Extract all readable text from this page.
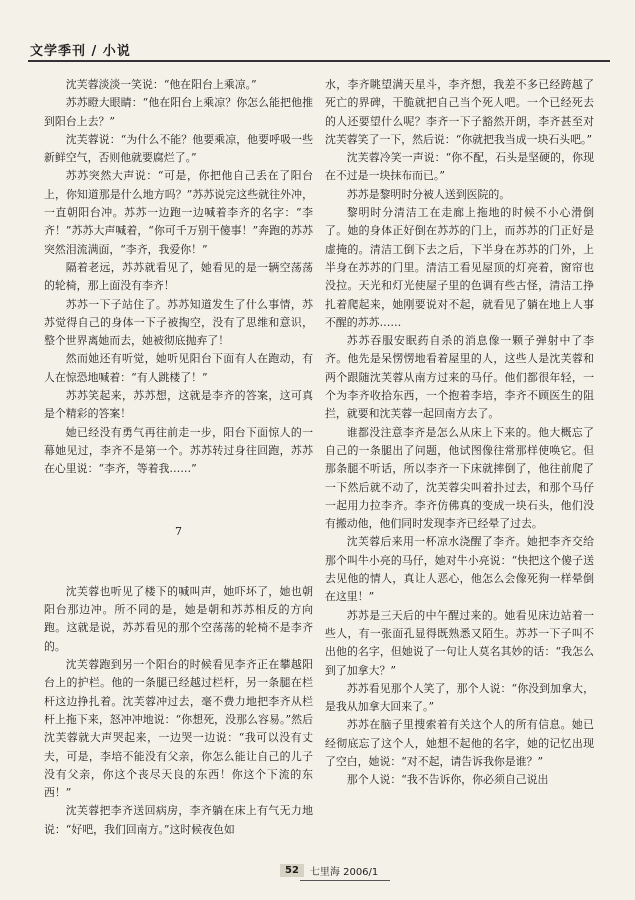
文学季刊 / 小说

沈芙蓉淡淡一笑说：“他在阳台上乘凉。”

苏苏瞪大眼睛：“他在阳台上乘凉？你怎么能把他推到阳台上去？”

沈芙蓉说：“为什么不能？他要乘凉，他要呼吸一些新鲜空气，否则他就要腐烂了。”

苏苏突然大声说：“可是，你把他自己丢在了阳台上，你知道那是什么地方吗？”苏苏说完这些就往外冲，一直朝阳台冲。苏苏一边跑一边喊着李齐的名字：“李齐！”苏苏大声喊着，“你可千万别干傻事！”奔跑的苏苏突然泪流满面，“李齐，我爱你！”

隔着老远，苏苏就看见了，她看见的是一辆空荡荡的轮椅，那上面没有李齐！

苏苏一下子站住了。苏苏知道发生了什么事情，苏苏觉得自己的身体一下子被掏空，没有了思维和意识，整个世界离她而去，她被彻底抛弃了！

然而她还有听觉，她听见阳台下面有人在跑动，有人在惊恐地喊着：“有人跳楼了！”

苏苏笑起来，苏苏想，这就是李齐的答案，这可真是个精彩的答案！

她已经没有勇气再往前走一步，阳台下面惊人的一幕她见过，李齐不是第一个。苏苏转过身往回跑，苏苏在心里说：“李齐，等着我……”

7

沈芙蓉也听见了楼下的喊叫声，她吓坏了，她也朝阳台那边冲。所不同的是，她是朝和苏苏相反的方向跑。这就是说，苏苏看见的那个空荡荡的轮椅不是李齐的。

沈芙蓉跑到另一个阳台的时候看见李齐正在攀越阳台上的护栏。他的一条腿已经越过栏杆，另一条腿在栏杆这边挣扎着。沈芙蓉冲过去，毫不费力地把李齐从栏杆上拖下来，怒冲冲地说：“你想死，没那么容易。”然后沈芙蓉就大声哭起来，一边哭一边说：“我可以没有丈夫，可是，李培不能没有父亲，你怎么能让自己的儿子没有父亲，你这个丧尽天良的东西！你这个下流的东西！”

沈芙蓉把李齐送回病房，李齐躺在床上有气无力地说：“好吧，我们回南方。”这时候夜色如

水，李齐眺望满天星斗，李齐想，我差不多已经跨越了死亡的界碑，干脆就把自己当个死人吧。一个已经死去的人还要望什么呢？李齐一下子豁然开朗，李齐甚至对沈芙蓉笑了一下，然后说：“你就把我当成一块石头吧。”

沈芙蓉冷笑一声说：“你不配，石头是坚硬的，你现在不过是一块抹布而已。”

苏苏是黎明时分被人送到医院的。

黎明时分清洁工在走廊上拖地的时候不小心滑倒了。她的身体正好倒在苏苏的门上，而苏苏的门正好是虚掩的。清洁工倒下去之后，下半身在苏苏的门外，上半身在苏苏的门里。清洁工看见屋顶的灯亮着，窗帘也没拉。天光和灯光使屋子里的色调有些古怪，清洁工挣扎着爬起来，她刚要说对不起，就看见了躺在地上人事不醒的苏苏……

苏苏吞服安眠药自杀的消息像一颗子弹射中了李齐。他先是呆愣愣地看着屋里的人，这些人是沈芙蓉和两个跟随沈芙蓉从南方过来的马仔。他们都很年轻，一个为李齐收拾东西，一个抱着李培，李齐不顾医生的阻拦，就要和沈芙蓉一起回南方去了。

谁都没注意李齐是怎么从床上下来的。他大概忘了自己的一条腿出了问题，他试图像往常那样使唤它。但那条腿不听话，所以李齐一下床就摔倒了，他往前爬了一下然后就不动了，沈芙蓉尖叫着扑过去，和那个马仔一起用力拉李齐。李齐仿佛真的变成一块石头，他们没有搬动他，他们同时发现李齐已经晕了过去。

沈芙蓉后来用一杯凉水浇醒了李齐。她把李齐交给那个叫牛小亮的马仔，她对牛小亮说：“快把这个傻子送去见他的情人，真让人恶心，他怎么会像死狗一样晕倒在这里！”

苏苏是三天后的中午醒过来的。她看见床边站着一些人，有一张面孔显得既熟悉又陌生。苏苏一下子叫不出他的名字，但她说了一句让人莫名其妙的话：“我怎么到了加拿大？”

苏苏看见那个人笑了，那个人说：“你没到加拿大，是我从加拿大回来了。”

苏苏在脑子里搜索着有关这个人的所有信息。她已经彻底忘了这个人，她想不起他的名字，她的记忆出现了空白，她说：“对不起，请告诉我你是谁？”

那个人说：“我不告诉你，你必须自己说出

52	七里海 2006/1
